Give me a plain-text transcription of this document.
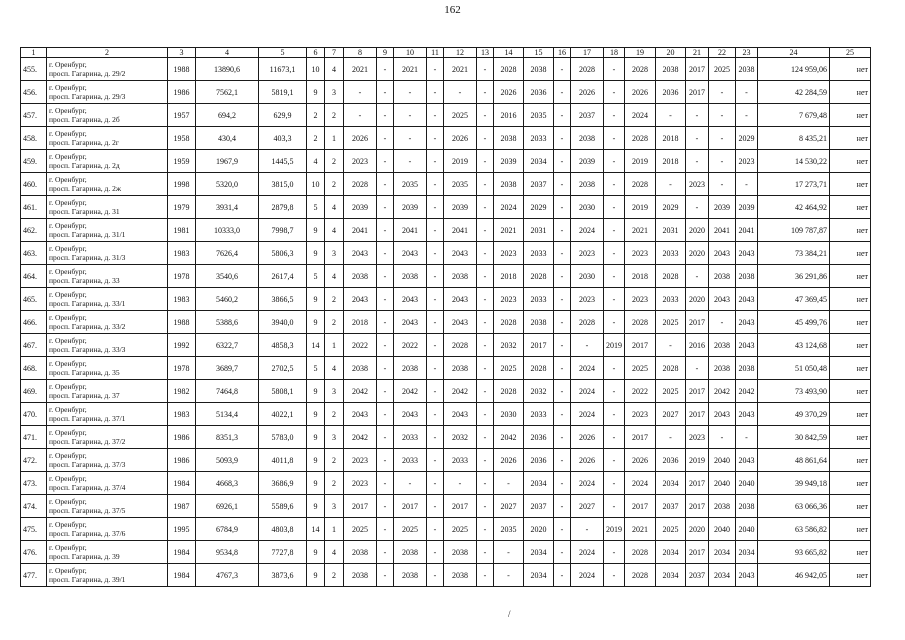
162
1	2	3	4	5	6	7	8	9	10	11	12	13	14	15	16	17	18	19	20	21	22	23	24	25
455.	г. Оренбург,
просп. Гагарина, д. 29/2	1988	13890,6	11673,1	10	4	2021	-	2021	-	2021	-	2028	2038	-	2028	-	2028	2038	2017	2025	2038	124 959,06	нет
456.	г. Оренбург,
просп. Гагарина, д. 29/3	1986	7562,1	5819,1	9	3	-	-	-	-	-	-	2026	2036	-	2026	-	2026	2036	2017	-	-	42 284,59	нет
457.	г. Оренбург,
просп. Гагарина, д. 2б	1957	694,2	629,9	2	2	-	-	-	-	2025	-	2016	2035	-	2037	-	2024	-	-	-	-	7 679,48	нет
458.	г. Оренбург,
просп. Гагарина, д. 2г	1958	430,4	403,3	2	1	2026	-	-	-	2026	-	2038	2033	-	2038	-	2028	2018	-	-	2029	8 435,21	нет
459.	г. Оренбург,
просп. Гагарина, д. 2д	1959	1967,9	1445,5	4	2	2023	-	-	-	2019	-	2039	2034	-	2039	-	2019	2018	-	-	2023	14 530,22	нет
460.	г. Оренбург,
просп. Гагарина, д. 2ж	1998	5320,0	3815,0	10	2	2028	-	2035	-	2035	-	2038	2037	-	2038	-	2028	-	2023	-	-	17 273,71	нет
461.	г. Оренбург,
просп. Гагарина, д. 31	1979	3931,4	2879,8	5	4	2039	-	2039	-	2039	-	2024	2029	-	2030	-	2019	2029	-	2039	2039	42 464,92	нет
462.	г. Оренбург,
просп. Гагарина, д. 31/1	1981	10333,0	7998,7	9	4	2041	-	2041	-	2041	-	2021	2031	-	2024	-	2021	2031	2020	2041	2041	109 787,87	нет
463.	г. Оренбург,
просп. Гагарина, д. 31/3	1983	7626,4	5806,3	9	3	2043	-	2043	-	2043	-	2023	2033	-	2023	-	2023	2033	2020	2043	2043	73 384,21	нет
464.	г. Оренбург,
просп. Гагарина, д. 33	1978	3540,6	2617,4	5	4	2038	-	2038	-	2038	-	2018	2028	-	2030	-	2018	2028	-	2038	2038	36 291,86	нет
465.	г. Оренбург,
просп. Гагарина, д. 33/1	1983	5460,2	3866,5	9	2	2043	-	2043	-	2043	-	2023	2033	-	2023	-	2023	2033	2020	2043	2043	47 369,45	нет
466.	г. Оренбург,
просп. Гагарина, д. 33/2	1988	5388,6	3940,0	9	2	2018	-	2043	-	2043	-	2028	2038	-	2028	-	2028	2025	2017	-	2043	45 499,76	нет
467.	г. Оренбург,
просп. Гагарина, д. 33/3	1992	6322,7	4858,3	14	1	2022	-	2022	-	2028	-	2032	2017	-	-	2019	2017	-	2016	2038	2043	43 124,68	нет
468.	г. Оренбург,
просп. Гагарина, д. 35	1978	3689,7	2702,5	5	4	2038	-	2038	-	2038	-	2025	2028	-	2024	-	2025	2028	-	2038	2038	51 050,48	нет
469.	г. Оренбург,
просп. Гагарина, д. 37	1982	7464,8	5808,1	9	3	2042	-	2042	-	2042	-	2028	2032	-	2024	-	2022	2025	2017	2042	2042	73 493,90	нет
470.	г. Оренбург,
просп. Гагарина, д. 37/1	1983	5134,4	4022,1	9	2	2043	-	2043	-	2043	-	2030	2033	-	2024	-	2023	2027	2017	2043	2043	49 370,29	нет
471.	г. Оренбург,
просп. Гагарина, д. 37/2	1986	8351,3	5783,0	9	3	2042	-	2033	-	2032	-	2042	2036	-	2026	-	2017	-	2023	-	-	30 842,59	нет
472.	г. Оренбург,
просп. Гагарина, д. 37/3	1986	5093,9	4011,8	9	2	2023	-	2033	-	2033	-	2026	2036	-	2026	-	2026	2036	2019	2040	2043	48 861,64	нет
473.	г. Оренбург,
просп. Гагарина, д. 37/4	1984	4668,3	3686,9	9	2	2023	-	-	-	-	-	-	2034	-	2024	-	2024	2034	2017	2040	2040	39 949,18	нет
474.	г. Оренбург,
просп. Гагарина, д. 37/5	1987	6926,1	5589,6	9	3	2017	-	2017	-	2017	-	2027	2037	-	2027	-	2017	2037	2017	2038	2038	63 066,36	нет
475.	г. Оренбург,
просп. Гагарина, д. 37/6	1995	6784,9	4803,8	14	1	2025	-	2025	-	2025	-	2035	2020	-	-	2019	2021	2025	2020	2040	2040	63 586,82	нет
476.	г. Оренбург,
просп. Гагарина, д. 39	1984	9534,8	7727,8	9	4	2038	-	2038	-	2038	-	-	2034	-	2024	-	2028	2034	2017	2034	2034	93 665,82	нет
477.	г. Оренбург,
просп. Гагарина, д. 39/1	1984	4767,3	3873,6	9	2	2038	-	2038	-	2038	-	-	2034	-	2024	-	2028	2034	2037	2034	2043	46 942,05	нет
/
